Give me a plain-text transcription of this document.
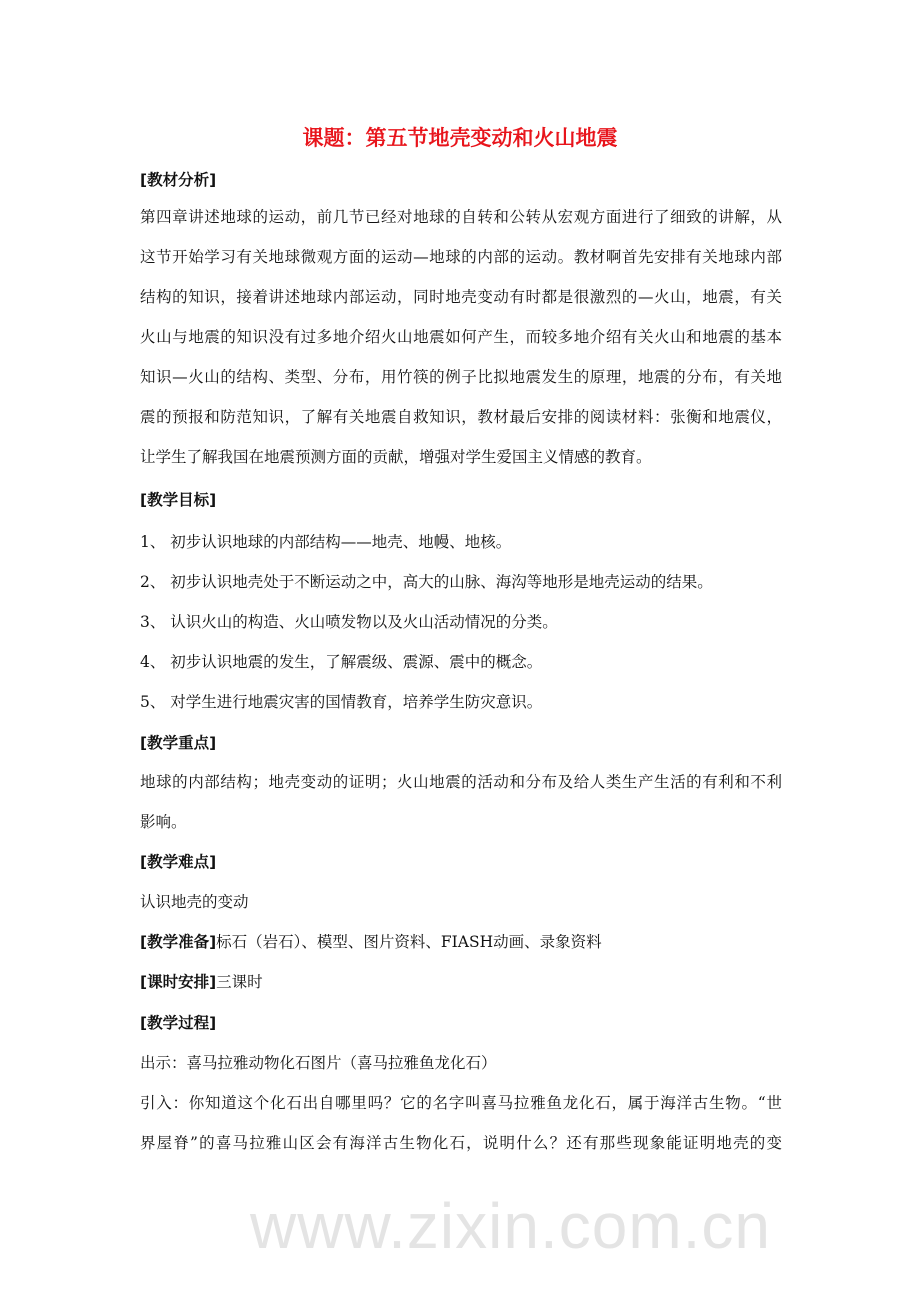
www.zixin.com.cn
课题：第五节地壳变动和火山地震
[教材分析]
第四章讲述地球的运动，前几节已经对地球的自转和公转从宏观方面进行了细致的讲解，从
这节开始学习有关地球微观方面的运动—地球的内部的运动。教材啊首先安排有关地球内部
结构的知识，接着讲述地球内部运动，同时地壳变动有时都是很激烈的—火山，地震，有关
火山与地震的知识没有过多地介绍火山地震如何产生，而较多地介绍有关火山和地震的基本
知识—火山的结构、类型、分布，用竹筷的例子比拟地震发生的原理，地震的分布，有关地
震的预报和防范知识，了解有关地震自救知识，教材最后安排的阅读材料：张衡和地震仪，
让学生了解我国在地震预测方面的贡献，增强对学生爱国主义情感的教育。
[教学目标]
1、 初步认识地球的内部结构——地壳、地幔、地核。
2、 初步认识地壳处于不断运动之中，高大的山脉、海沟等地形是地壳运动的结果。
3、 认识火山的构造、火山喷发物以及火山活动情况的分类。
4、 初步认识地震的发生，了解震级、震源、震中的概念。
5、 对学生进行地震灾害的国情教育，培养学生防灾意识。
[教学重点]
地球的内部结构；地壳变动的证明；火山地震的活动和分布及给人类生产生活的有利和不利
影响。
[教学难点]
认识地壳的变动
[教学准备]标石（岩石）、模型、图片资料、FIASH动画、录象资料
[课时安排]三课时
[教学过程]
出示：喜马拉雅动物化石图片（喜马拉雅鱼龙化石）
引入：你知道这个化石出自哪里吗？它的名字叫喜马拉雅鱼龙化石，属于海洋古生物。“世
界屋脊”的喜马拉雅山区会有海洋古生物化石，说明什么？还有那些现象能证明地壳的变
